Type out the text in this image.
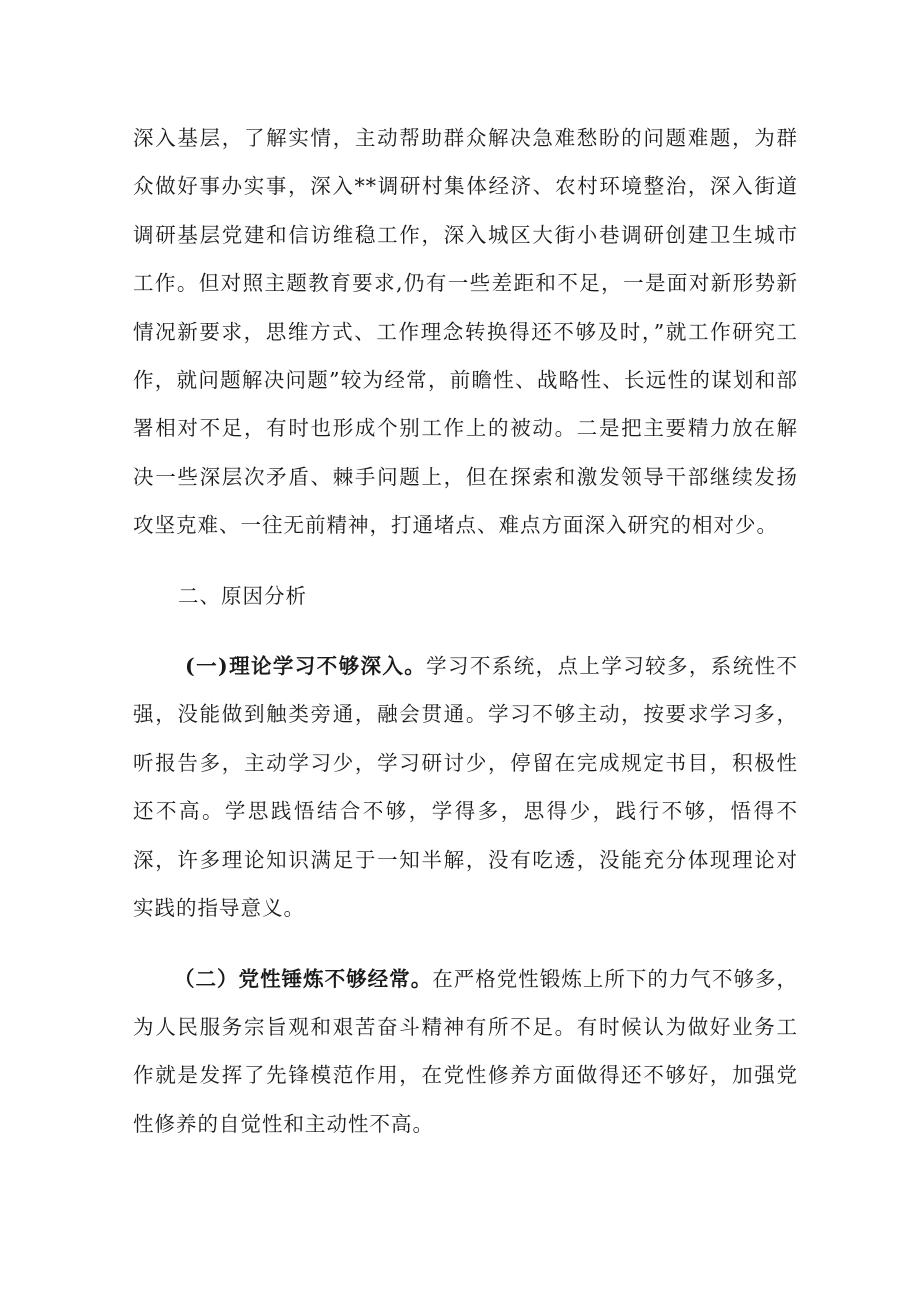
深入基层，了解实情，主动帮助群众解决急难愁盼的问题难题，为群众做好事办实事，深入**调研村集体经济、农村环境整治，深入街道调研基层党建和信访维稳工作，深入城区大街小巷调研创建卫生城市工作。但对照主题教育要求,仍有一些差距和不足，一是面对新形势新情况新要求，思维方式、工作理念转换得还不够及时，”就工作研究工作，就问题解决问题”较为经常，前瞻性、战略性、长远性的谋划和部署相对不足，有时也形成个别工作上的被动。二是把主要精力放在解决一些深层次矛盾、棘手问题上，但在探索和激发领导干部继续发扬攻坚克难、一往无前精神，打通堵点、难点方面深入研究的相对少。

二、原因分析

(一)理论学习不够深入。学习不系统，点上学习较多，系统性不强，没能做到触类旁通，融会贯通。学习不够主动，按要求学习多，听报告多，主动学习少，学习研讨少，停留在完成规定书目，积极性还不高。学思践悟结合不够，学得多，思得少，践行不够，悟得不深，许多理论知识满足于一知半解，没有吃透，没能充分体现理论对实践的指导意义。

（二）党性锤炼不够经常。在严格党性锻炼上所下的力气不够多，为人民服务宗旨观和艰苦奋斗精神有所不足。有时候认为做好业务工作就是发挥了先锋模范作用，在党性修养方面做得还不够好，加强党性修养的自觉性和主动性不高。
